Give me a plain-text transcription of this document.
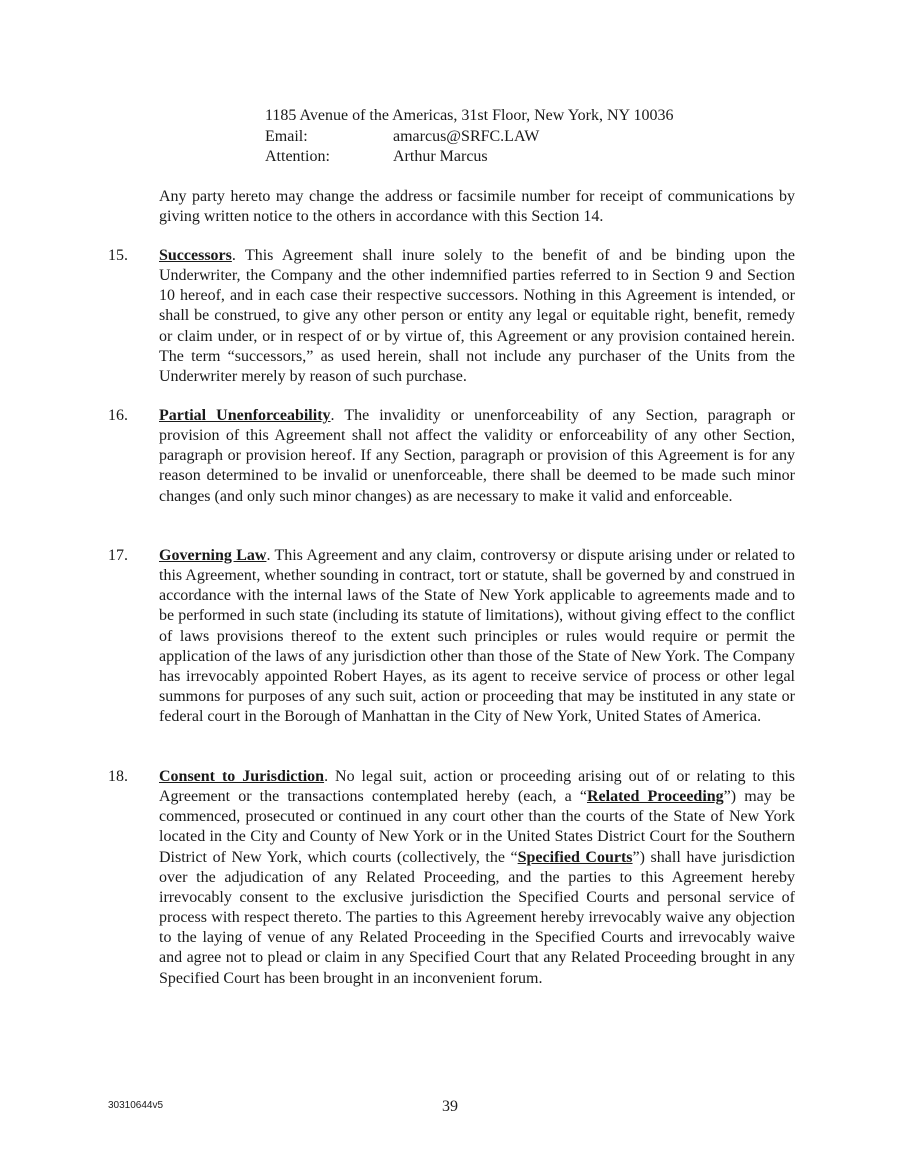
1185 Avenue of the Americas, 31st Floor, New York, NY 10036
Email:	amarcus@SRFC.LAW
Attention:	Arthur Marcus

Any party hereto may change the address or facsimile number for receipt of communications by giving written notice to the others in accordance with this Section 14.

15. Successors. This Agreement shall inure solely to the benefit of and be binding upon the Underwriter, the Company and the other indemnified parties referred to in Section 9 and Section 10 hereof, and in each case their respective successors. Nothing in this Agreement is intended, or shall be construed, to give any other person or entity any legal or equitable right, benefit, remedy or claim under, or in respect of or by virtue of, this Agreement or any provision contained herein. The term “successors,” as used herein, shall not include any purchaser of the Units from the Underwriter merely by reason of such purchase.
16. Partial Unenforceability. The invalidity or unenforceability of any Section, paragraph or provision of this Agreement shall not affect the validity or enforceability of any other Section, paragraph or provision hereof. If any Section, paragraph or provision of this Agreement is for any reason determined to be invalid or unenforceable, there shall be deemed to be made such minor changes (and only such minor changes) as are necessary to make it valid and enforceable.
17. Governing Law. This Agreement and any claim, controversy or dispute arising under or related to this Agreement, whether sounding in contract, tort or statute, shall be governed by and construed in accordance with the internal laws of the State of New York applicable to agreements made and to be performed in such state (including its statute of limitations), without giving effect to the conflict of laws provisions thereof to the extent such principles or rules would require or permit the application of the laws of any jurisdiction other than those of the State of New York. The Company has irrevocably appointed Robert Hayes, as its agent to receive service of process or other legal summons for purposes of any such suit, action or proceeding that may be instituted in any state or federal court in the Borough of Manhattan in the City of New York, United States of America.
18. Consent to Jurisdiction. No legal suit, action or proceeding arising out of or relating to this Agreement or the transactions contemplated hereby (each, a “Related Proceeding”) may be commenced, prosecuted or continued in any court other than the courts of the State of New York located in the City and County of New York or in the United States District Court for the Southern District of New York, which courts (collectively, the “Specified Courts”) shall have jurisdiction over the adjudication of any Related Proceeding, and the parties to this Agreement hereby irrevocably consent to the exclusive jurisdiction the Specified Courts and personal service of process with respect thereto. The parties to this Agreement hereby irrevocably waive any objection to the laying of venue of any Related Proceeding in the Specified Courts and irrevocably waive and agree not to plead or claim in any Specified Court that any Related Proceeding brought in any Specified Court has been brought in an inconvenient forum.
30310644v5	39
